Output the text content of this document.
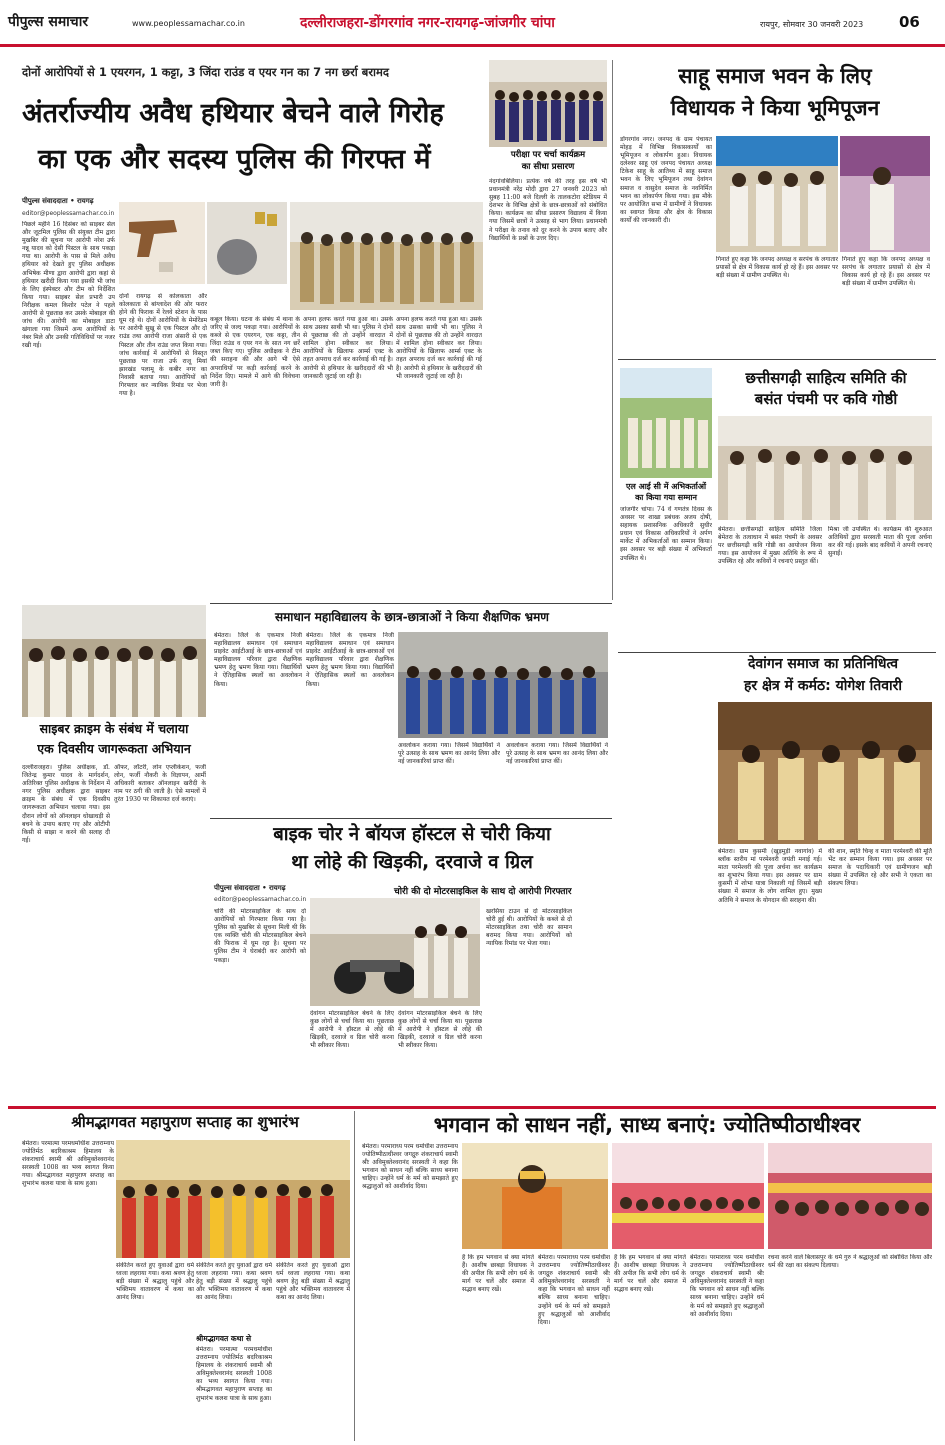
पीपुल्स समाचार	www.peoplessamachar.co.in	दल्लीराजहरा-डोंगरगांव नगर-रायगढ़-जांजगीर चांपा	रायपुर, सोमवार 30 जनवरी 2023 06
दोनों आरोपियों से 1 एयरगन, 1 कट्टा, 3 जिंदा राउंड व एयर गन का 7 नग छर्रा बरामद
अंतर्राज्यीय अवैध हथियार बेचने वाले गिरोह
का एक और सदस्य पुलिस की गिरफ्त में
पीपुल्स संवाददाता • रायगढ़
editor@peoplessamachar.co.in
पिछले महीने 16 दिसंबर को साइबर सेल और जूटमिल पुलिस की संयुक्त टीम द्वारा मुखबिर की सूचना पर आरोपी नरेश उर्फ नन्नू यादव को देसी पिस्टल के साथ पकड़ा गया था। आरोपी के पास से मिले अवैध हथियार को देखते हुए पुलिस अधीक्षक अभिषेक मीणा द्वारा आरोपी द्वारा कहां से हथियार खरीदी किया गया इसकी भी जांच के लिए इंस्पेक्टर और टीम को निर्देशित किया गया। साइबर सेल प्रभारी उप निरीक्षक कमल किशोर पटेल ने पहले आरोपी से पूछताछ कर उसके मोबाइल की जांच की। आरोपी का मोबाइल डाटा खंगाला गया जिसमें अन्य आरोपियों के नंबर मिले और उनकी गतिविधियों पर नजर रखी गई।
दोनों रायगढ़ से कोलकाता और कोलकाता से बांग्लादेश की ओर फरार होने की फिराक में रेलवे स्टेशन के पास घूम रहे थे। दोनों आरोपियों के मेमोरेंडम पर आरोपी सुखू से एक पिस्टल और दो राउंड तथा आरोपी राजा अंसारी से एक पिस्टल और तीन राउंड जप्त किया गया। जांच कार्रवाई में आरोपियों से विस्तृत पूछताछ पर राजा उर्फ राजू मियां झारखंड पलामू के कबीर नगर का निवासी बताया गया। आरोपियों को गिरफ्तार कर न्यायिक रिमांड पर भेजा गया है।
कबूल किया। घटना के संबंध में थाना के जरिए से जल्द पकड़ा गया। आरोपियों के कब्जे से एक एयरगन, एक कट्टा, तीन जिंदा राउंड व एयर गन के सात नग छर्रे जब्त किए गए। पुलिस अधीक्षक ने टीम की सराहना की और आगे भी ऐसे अपराधियों पर कड़ी कार्रवाई करने के निर्देश दिए। मामले में आगे की विवेचना जारी है।
अपना हलफ करते गया हुआ था। उसके साथ उसका साथी भी था। पुलिस ने दोनों से पूछताछ की तो उन्होंने वारदात में शामिल होना स्वीकार कर लिया। आरोपियों के खिलाफ आर्म्स एक्ट के तहत अपराध दर्ज कर कार्रवाई की गई है। आरोपी से हथियार के खरीददारों की भी जानकारी जुटाई जा रही है।
अपना हलफ करते गया हुआ था। उसके साथ उसका साथी भी था। पुलिस ने दोनों से पूछताछ की तो उन्होंने वारदात में शामिल होना स्वीकार कर लिया। आरोपियों के खिलाफ आर्म्स एक्ट के तहत अपराध दर्ज कर कार्रवाई की गई है। आरोपी से हथियार के खरीददारों की भी जानकारी जुटाई जा रही है।
परीक्षा पर चर्चा कार्यक्रम
का सीधा प्रसारण
नंदगांवबिलिया। प्रत्येक वर्ष की तरह इस वर्ष भी प्रधानमंत्री नरेंद्र मोदी द्वारा 27 जनवरी 2023 को सुबह 11:00 बजे दिल्ली के तालकटोरा स्टेडियम में देशभर के विभिन्न क्षेत्रों के छात्र-छात्राओं को संबोधित किया। कार्यक्रम का सीधा प्रसारण विद्यालय में किया गया जिसमें छात्रों ने उत्साह से भाग लिया। प्रधानमंत्री ने परीक्षा के तनाव को दूर करने के उपाय बताए और विद्यार्थियों के प्रश्नों के उत्तर दिए।
साहू समाज भवन के लिए
विधायक ने किया भूमिपूजन
डोंगरगांव नगर। जनपद के ग्राम पंचायत मोहड़ में विभिन्न विकासकार्यों का भूमिपूजन व लोकार्पण हुआ। विधायक दलेश्वर साहू एवं जनपद पंचायत अध्यक्ष टिकेश साहू के आतिथ्य में साहू समाज भवन के लिए भूमिपूजन तथा देवांगन समाज व वासुदेव समाज के नवनिर्मित भवन का लोकार्पण किया गया। इस मौके पर आयोजित सभा में ग्रामीणों ने विधायक का स्वागत किया और क्षेत्र के विकास कार्यों की जानकारी दी।
गिनाते हुए कहा कि जनपद अध्यक्ष व सरपंच के लगातार प्रयासों से क्षेत्र में विकास कार्य हो रहे हैं। इस अवसर पर बड़ी संख्या में ग्रामीण उपस्थित थे।
गिनाते हुए कहा कि जनपद अध्यक्ष व सरपंच के लगातार प्रयासों से क्षेत्र में विकास कार्य हो रहे हैं। इस अवसर पर बड़ी संख्या में ग्रामीण उपस्थित थे।
एल आई सी में अभिकर्ताओं
का किया गया सम्मान
जांजगीर चांपा। 74 वें गणतंत्र दिवस के अवसर पर शाखा प्रबंधक अजय दोषी, सहायक प्रशासनिक अधिकारी सुधीर प्रधान एवं विकास अधिकारियों ने अर्पण मार्केट में अभिकर्ताओं का सम्मान किया। इस अवसर पर बड़ी संख्या में अभिकर्ता उपस्थित थे।
छत्तीसगढ़ी साहित्य समिति की
बसंत पंचमी पर कवि गोष्ठी
बेमेतरा। छत्तीसगढ़ी साहित्य समिति जिला बेमेतरा के तत्वाधान में बसंत पंचमी के अवसर पर छत्तीसगढ़ी कवि गोष्ठी का आयोजन किया गया। इस आयोजन में मुख्य अतिथि के रूप में उपस्थित रहे और कवियों ने रचनाएं प्रस्तुत कीं।
मिश्रा जी उपस्थित थे। कार्यक्रम की शुरुआत अतिथियों द्वारा सरस्वती माता की पूजा अर्चना कर की गई। इसके बाद कवियों ने अपनी रचनाएं सुनाईं।
समाधान महाविद्यालय के छात्र-छात्राओं ने किया शैक्षणिक भ्रमण
बेमेतरा। जिले के एकमात्र निजी महाविद्यालय समाधान एवं समाधान प्राइवेट आईटीआई के छात्र-छात्राओं एवं महाविद्यालय परिवार द्वारा शैक्षणिक भ्रमण हेतु भ्रमण किया गया। विद्यार्थियों ने ऐतिहासिक स्थलों का अवलोकन किया।
बेमेतरा। जिले के एकमात्र निजी महाविद्यालय समाधान एवं समाधान प्राइवेट आईटीआई के छात्र-छात्राओं एवं महाविद्यालय परिवार द्वारा शैक्षणिक भ्रमण हेतु भ्रमण किया गया। विद्यार्थियों ने ऐतिहासिक स्थलों का अवलोकन किया।
अवलोकन कराया गया। जिसमें विद्यार्थियों ने पूरे उत्साह के साथ भ्रमण का आनंद लिया और नई जानकारियां प्राप्त कीं।
अवलोकन कराया गया। जिसमें विद्यार्थियों ने पूरे उत्साह के साथ भ्रमण का आनंद लिया और नई जानकारियां प्राप्त कीं।
साइबर क्राइम के संबंध में चलाया
एक दिवसीय जागरूकता अभियान
दल्लीराजहरा। पुलिस अधीक्षक, डॉ. जितेन्द्र कुमार यादव के मार्गदर्शन, अतिरिक्त पुलिस अधीक्षक के निर्देशन में नगर पुलिस अधीक्षक द्वारा साइबर क्राइम के संबंध में एक दिवसीय जागरूकता अभियान चलाया गया। इस दौरान लोगों को ऑनलाइन धोखाधड़ी से बचने के उपाय बताए गए और ओटीपी किसी से साझा न करने की सलाह दी गई।
ऑफर, लॉटरी, लोन एप्लीकेशन, फर्जी लोन, फर्जी नौकरी के विज्ञापन, आर्मी अधिकारी बताकर ऑनलाइन खरीदी के नाम पर ठगी की जाती है। ऐसे मामलों में तुरंत 1930 पर शिकायत दर्ज कराएं।
बाइक चोर ने बॉयज हॉस्टल से चोरी किया
था लोहे की खिड़की, दरवाजे व ग्रिल
पीपुल्स संवाददाता • रायगढ़
editor@peoplessamachar.co.in
चोरी की दो मोटरसाइकिल के साथ दो आरोपी गिरफ्तार
चोरी की मोटरसाइकिल के साथ दो आरोपियों को गिरफ्तार किया गया है। पुलिस को मुखबिर से सूचना मिली थी कि एक व्यक्ति चोरी की मोटरसाइकिल बेचने की फिराक में घूम रहा है। सूचना पर पुलिस टीम ने घेराबंदी कर आरोपी को पकड़ा।
देवांगन मोटरसाइकिल बेचने के लिए कुछ लोगों से चर्चा किया था। पूछताछ में आरोपी ने हॉस्टल से लोहे की खिड़की, दरवाजे व ग्रिल चोरी करना भी स्वीकार किया।
देवांगन मोटरसाइकिल बेचने के लिए कुछ लोगों से चर्चा किया था। पूछताछ में आरोपी ने हॉस्टल से लोहे की खिड़की, दरवाजे व ग्रिल चोरी करना भी स्वीकार किया।
खरसिया टाउन से दो मोटरसाइकिल चोरी हुई थी। आरोपियों के कब्जे से दो मोटरसाइकिल तथा चोरी का सामान बरामद किया गया। आरोपियों को न्यायिक रिमांड पर भेजा गया।
देवांगन समाज का प्रतिनिधित्व
हर क्षेत्र में कर्मठ: योगेश तिवारी
बेमेतरा। ग्राम कुसमी (खुड़मुड़ी नवागांव) में ब्लॉक स्तरीय मां परमेश्वरी जयंती मनाई गई। माता परमेश्वरी की पूजा अर्चना कर कार्यक्रम का शुभारंभ किया गया। इस अवसर पर ग्राम कुसमी में शोभा यात्रा निकाली गई जिसमें बड़ी संख्या में समाज के लोग शामिल हुए। मुख्य अतिथि ने समाज के योगदान की सराहना की।
की शान, स्मृति चिन्ह व माता परमेश्वरी की मूर्ति भेंट कर सम्मान किया गया। इस अवसर पर समाज के पदाधिकारी एवं ग्रामीणजन बड़ी संख्या में उपस्थित रहे और सभी ने एकता का संकल्प लिया।
श्रीमद्भागवत महापुराण सप्ताह का शुभारंभ
बेमेतरा। परमात्मा परमधर्माधीश उत्तराम्नाय ज्योतिर्मठ बदरिकाश्रम हिमालय के शंकराचार्य स्वामी श्री अविमुक्तेश्वरानंद सरस्वती 1008 का भव्य स्वागत किया गया। श्रीमद्भागवत महापुराण सप्ताह का शुभारंभ कलश यात्रा के साथ हुआ।
संकीर्तन करते हुए युवाओं द्वारा धर्म ध्वजा लहराया गया। कथा श्रवण हेतु बड़ी संख्या में श्रद्धालु पहुंचे और भक्तिमय वातावरण में कथा का आनंद लिया।
श्रीमद्भागवत कथा से
संकीर्तन करते हुए युवाओं द्वारा धर्म ध्वजा लहराया गया। कथा श्रवण हेतु बड़ी संख्या में श्रद्धालु पहुंचे और भक्तिमय वातावरण में कथा का आनंद लिया।
बेमेतरा। परमात्मा परमधर्माधीश उत्तराम्नाय ज्योतिर्मठ बदरिकाश्रम हिमालय के शंकराचार्य स्वामी श्री अविमुक्तेश्वरानंद सरस्वती 1008 का भव्य स्वागत किया गया। श्रीमद्भागवत महापुराण सप्ताह का शुभारंभ कलश यात्रा के साथ हुआ।
संकीर्तन करते हुए युवाओं द्वारा धर्म ध्वजा लहराया गया। कथा श्रवण हेतु बड़ी संख्या में श्रद्धालु पहुंचे और भक्तिमय वातावरण में कथा का आनंद लिया।
भगवान को साधन नहीं, साध्य बनाएं: ज्योतिष्पीठाधीश्वर
बेमेतरा। परमाराध्य परम धर्माधीश उत्तराम्नाय ज्योतिष्पीठाधीश्वर जगद्गुरु शंकराचार्य स्वामी श्रीः अविमुक्तेश्वरानंद सरस्वती ने कहा कि भगवान को साधन नहीं बल्कि साध्य बनाना चाहिए। उन्होंने धर्म के मर्म को समझाते हुए श्रद्धालुओं को आशीर्वाद दिया।
है कि हम भगवान से क्या मांगते हैं। आशीष छाबड़ा विधायक ने की अपील कि सभी लोग धर्म के मार्ग पर चलें और समाज में सद्भाव बनाए रखें।
बेमेतरा। परमाराध्य परम धर्माधीश उत्तराम्नाय ज्योतिष्पीठाधीश्वर जगद्गुरु शंकराचार्य स्वामी श्रीः अविमुक्तेश्वरानंद सरस्वती ने कहा कि भगवान को साधन नहीं बल्कि साध्य बनाना चाहिए। उन्होंने धर्म के मर्म को समझाते हुए श्रद्धालुओं को आशीर्वाद दिया।
है कि हम भगवान से क्या मांगते हैं। आशीष छाबड़ा विधायक ने की अपील कि सभी लोग धर्म के मार्ग पर चलें और समाज में सद्भाव बनाए रखें।
बेमेतरा। परमाराध्य परम धर्माधीश उत्तराम्नाय ज्योतिष्पीठाधीश्वर जगद्गुरु शंकराचार्य स्वामी श्रीः अविमुक्तेश्वरानंद सरस्वती ने कहा कि भगवान को साधन नहीं बल्कि साध्य बनाना चाहिए। उन्होंने धर्म के मर्म को समझाते हुए श्रद्धालुओं को आशीर्वाद दिया।
रचना करने वाले बिलासपुर के धर्म गुरु ने श्रद्धालुओं को संबोधित किया और धर्म की रक्षा का संकल्प दिलाया।
